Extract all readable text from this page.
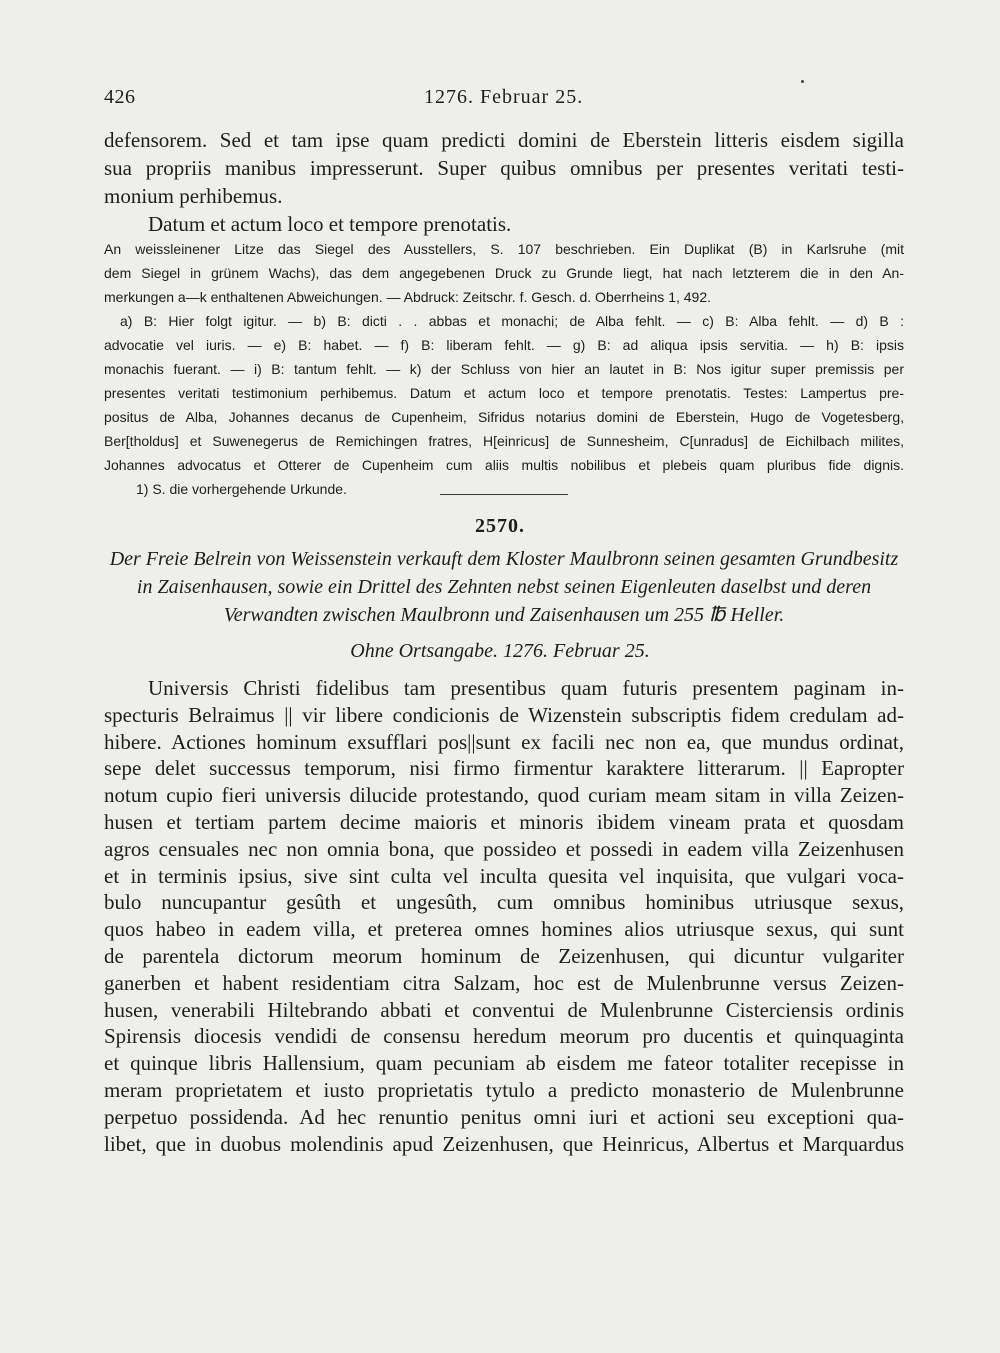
426	1276. Februar 25.
defensorem. Sed et tam ipse quam predicti domini de Eberstein litteris eisdem sigilla
sua propriis manibus impresserunt. Super quibus omnibus per presentes veritati testi-
monium perhibemus.
Datum et actum loco et tempore prenotatis.
An weissleinener Litze das Siegel des Ausstellers, S. 107 beschrieben. Ein Duplikat (B) in Karlsruhe (mit
dem Siegel in grünem Wachs), das dem angegebenen Druck zu Grunde liegt, hat nach letzterem die in den An-
merkungen a—k enthaltenen Abweichungen. — Abdruck: Zeitschr. f. Gesch. d. Oberrheins 1, 492.
a) B: Hier folgt igitur. — b) B: dicti . . abbas et monachi; de Alba fehlt. — c) B: Alba fehlt. — d) B :
advocatie vel iuris. — e) B: habet. — f) B: liberam fehlt. — g) B: ad aliqua ipsis servitia. — h) B: ipsis
monachis fuerant. — i) B: tantum fehlt. — k) der Schluss von hier an lautet in B: Nos igitur super premissis per
presentes veritati testimonium perhibemus. Datum et actum loco et tempore prenotatis. Testes: Lampertus pre-
positus de Alba, Johannes decanus de Cupenheim, Sifridus notarius domini de Eberstein, Hugo de Vogetesberg,
Ber[tholdus] et Suwenegerus de Remichingen fratres, H[einricus] de Sunnesheim, C[unradus] de Eichilbach milites,
Johannes advocatus et Otterer de Cupenheim cum aliis multis nobilibus et plebeis quam pluribus fide dignis.
1) S. die vorhergehende Urkunde.
2570.
Der Freie Belrein von Weissenstein verkauft dem Kloster Maulbronn seinen gesamten Grundbesitz
in Zaisenhausen, sowie ein Drittel des Zehnten nebst seinen Eigenleuten daselbst und deren
Verwandten zwischen Maulbronn und Zaisenhausen um 255 ℔ Heller.
Ohne Ortsangabe. 1276. Februar 25.
Universis Christi fidelibus tam presentibus quam futuris presentem paginam in-
specturis Belraimus || vir libere condicionis de Wizenstein subscriptis fidem credulam ad-
hibere. Actiones hominum exsufflari pos||sunt ex facili nec non ea, que mundus ordinat,
sepe delet successus temporum, nisi firmo firmentur karaktere litterarum. || Eapropter
notum cupio fieri universis dilucide protestando, quod curiam meam sitam in villa Zeizen-
husen et tertiam partem decime maioris et minoris ibidem vineam prata et quosdam
agros censuales nec non omnia bona, que possideo et possedi in eadem villa Zeizenhusen
et in terminis ipsius, sive sint culta vel inculta quesita vel inquisita, que vulgari voca-
bulo nuncupantur gesûth et ungesûth, cum omnibus hominibus utriusque sexus,
quos habeo in eadem villa, et preterea omnes homines alios utriusque sexus, qui sunt
de parentela dictorum meorum hominum de Zeizenhusen, qui dicuntur vulgariter
ganerben et habent residentiam citra Salzam, hoc est de Mulenbrunne versus Zeizen-
husen, venerabili Hiltebrando abbati et conventui de Mulenbrunne Cisterciensis ordinis
Spirensis diocesis vendidi de consensu heredum meorum pro ducentis et quinquaginta
et quinque libris Hallensium, quam pecuniam ab eisdem me fateor totaliter recepisse in
meram proprietatem et iusto proprietatis tytulo a predicto monasterio de Mulenbrunne
perpetuo possidenda. Ad hec renuntio penitus omni iuri et actioni seu exceptioni qua-
libet, que in duobus molendinis apud Zeizenhusen, que Heinricus, Albertus et Marquardus
